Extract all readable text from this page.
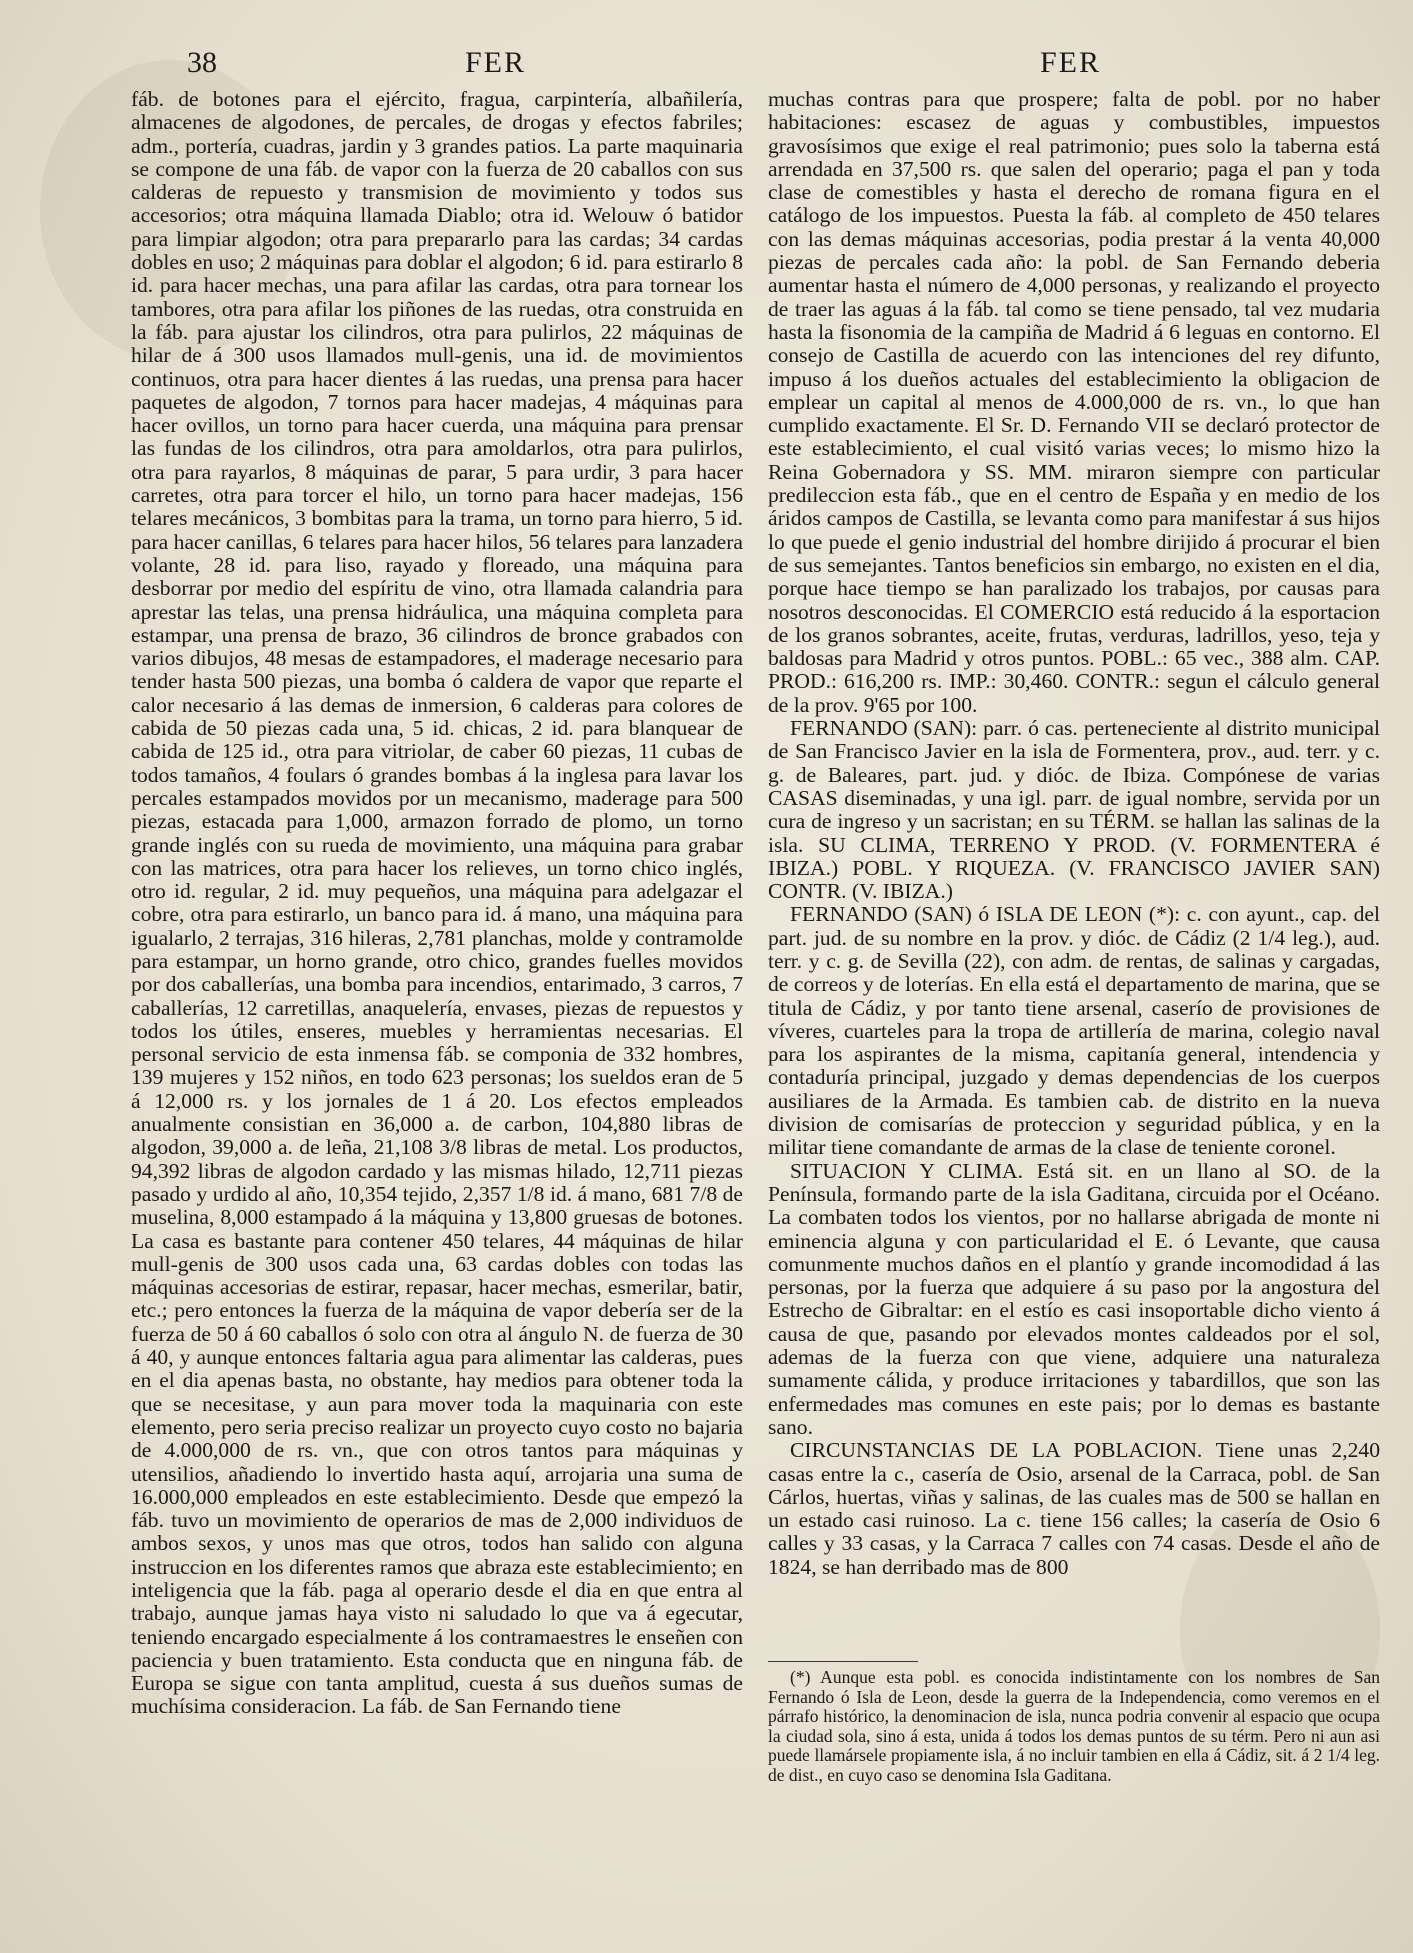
38	FER	FER

fáb. de botones para el ejército, fragua, carpintería, albañilería, almacenes de algodones, de percales, de drogas y efectos fabriles; adm., portería, cuadras, jardin y 3 grandes patios. La parte maquinaria se compone de una fáb. de vapor con la fuerza de 20 caballos con sus calderas de repuesto y transmision de movimiento y todos sus accesorios; otra máquina llamada Diablo; otra id. Welouw ó batidor para limpiar algodon; otra para prepararlo para las cardas; 34 cardas dobles en uso; 2 máquinas para doblar el algodon; 6 id. para estirarlo 8 id. para hacer mechas, una para afilar las cardas, otra para tornear los tambores, otra para afilar los piñones de las ruedas, otra construida en la fáb. para ajustar los cilindros, otra para pulirlos, 22 máquinas de hilar de á 300 usos llamados mull-genis, una id. de movimientos continuos, otra para hacer dientes á las ruedas, una prensa para hacer paquetes de algodon, 7 tornos para hacer madejas, 4 máquinas para hacer ovillos, un torno para hacer cuerda, una máquina para prensar las fundas de los cilindros, otra para amoldarlos, otra para pulirlos, otra para rayarlos, 8 máquinas de parar, 5 para urdir, 3 para hacer carretes, otra para torcer el hilo, un torno para hacer madejas, 156 telares mecánicos, 3 bombitas para la trama, un torno para hierro, 5 id. para hacer canillas, 6 telares para hacer hilos, 56 telares para lanzadera volante, 28 id. para liso, rayado y floreado, una máquina para desborrar por medio del espíritu de vino, otra llamada calandria para aprestar las telas, una prensa hidráulica, una máquina completa para estampar, una prensa de brazo, 36 cilindros de bronce grabados con varios dibujos, 48 mesas de estampadores, el maderage necesario para tender hasta 500 piezas, una bomba ó caldera de vapor que reparte el calor necesario á las demas de inmersion, 6 calderas para colores de cabida de 50 piezas cada una, 5 id. chicas, 2 id. para blanquear de cabida de 125 id., otra para vitriolar, de caber 60 piezas, 11 cubas de todos tamaños, 4 foulars ó grandes bombas á la inglesa para lavar los percales estampados movidos por un mecanismo, maderage para 500 piezas, estacada para 1,000, armazon forrado de plomo, un torno grande inglés con su rueda de movimiento, una máquina para grabar con las matrices, otra para hacer los relieves, un torno chico inglés, otro id. regular, 2 id. muy pequeños, una máquina para adelgazar el cobre, otra para estirarlo, un banco para id. á mano, una máquina para igualarlo, 2 terrajas, 316 hileras, 2,781 planchas, molde y contramolde para estampar, un horno grande, otro chico, grandes fuelles movidos por dos caballerías, una bomba para incendios, entarimado, 3 carros, 7 caballerías, 12 carretillas, anaquelería, envases, piezas de repuestos y todos los útiles, enseres, muebles y herramientas necesarias. El personal servicio de esta inmensa fáb. se componia de 332 hombres, 139 mujeres y 152 niños, en todo 623 personas; los sueldos eran de 5 á 12,000 rs. y los jornales de 1 á 20. Los efectos empleados anualmente consistian en 36,000 a. de carbon, 104,880 libras de algodon, 39,000 a. de leña, 21,108 3/8 libras de metal. Los productos, 94,392 libras de algodon cardado y las mismas hilado, 12,711 piezas pasado y urdido al año, 10,354 tejido, 2,357 1/8 id. á mano, 681 7/8 de muselina, 8,000 estampado á la máquina y 13,800 gruesas de botones. La casa es bastante para contener 450 telares, 44 máquinas de hilar mull-genis de 300 usos cada una, 63 cardas dobles con todas las máquinas accesorias de estirar, repasar, hacer mechas, esmerilar, batir, etc.; pero entonces la fuerza de la máquina de vapor debería ser de la fuerza de 50 á 60 caballos ó solo con otra al ángulo N. de fuerza de 30 á 40, y aunque entonces faltaria agua para alimentar las calderas, pues en el dia apenas basta, no obstante, hay medios para obtener toda la que se necesitase, y aun para mover toda la maquinaria con este elemento, pero seria preciso realizar un proyecto cuyo costo no bajaria de 4.000,000 de rs. vn., que con otros tantos para máquinas y utensilios, añadiendo lo invertido hasta aquí, arrojaria una suma de 16.000,000 empleados en este establecimiento. Desde que empezó la fáb. tuvo un movimiento de operarios de mas de 2,000 individuos de ambos sexos, y unos mas que otros, todos han salido con alguna instruccion en los diferentes ramos que abraza este establecimiento; en inteligencia que la fáb. paga al operario desde el dia en que entra al trabajo, aunque jamas haya visto ni saludado lo que va á egecutar, teniendo encargado especialmente á los contramaestres le enseñen con paciencia y buen tratamiento. Esta conducta que en ninguna fáb. de Europa se sigue con tanta amplitud, cuesta á sus dueños sumas de muchísima consideracion. La fáb. de San Fernando tiene

muchas contras para que prospere; falta de pobl. por no haber habitaciones: escasez de aguas y combustibles, impuestos gravosísimos que exige el real patrimonio; pues solo la taberna está arrendada en 37,500 rs. que salen del operario; paga el pan y toda clase de comestibles y hasta el derecho de romana figura en el catálogo de los impuestos. Puesta la fáb. al completo de 450 telares con las demas máquinas accesorias, podia prestar á la venta 40,000 piezas de percales cada año: la pobl. de San Fernando deberia aumentar hasta el número de 4,000 personas, y realizando el proyecto de traer las aguas á la fáb. tal como se tiene pensado, tal vez mudaria hasta la fisonomia de la campiña de Madrid á 6 leguas en contorno. El consejo de Castilla de acuerdo con las intenciones del rey difunto, impuso á los dueños actuales del establecimiento la obligacion de emplear un capital al menos de 4.000,000 de rs. vn., lo que han cumplido exactamente. El Sr. D. Fernando VII se declaró protector de este establecimiento, el cual visitó varias veces; lo mismo hizo la Reina Gobernadora y SS. MM. miraron siempre con particular predileccion esta fáb., que en el centro de España y en medio de los áridos campos de Castilla, se levanta como para manifestar á sus hijos lo que puede el genio industrial del hombre dirijido á procurar el bien de sus semejantes. Tantos beneficios sin embargo, no existen en el dia, porque hace tiempo se han paralizado los trabajos, por causas para nosotros desconocidas. El COMERCIO está reducido á la esportacion de los granos sobrantes, aceite, frutas, verduras, ladrillos, yeso, teja y baldosas para Madrid y otros puntos. POBL.: 65 vec., 388 alm. CAP. PROD.: 616,200 rs. IMP.: 30,460. CONTR.: segun el cálculo general de la prov. 9'65 por 100.

FERNANDO (SAN): parr. ó cas. perteneciente al distrito municipal de San Francisco Javier en la isla de Formentera, prov., aud. terr. y c. g. de Baleares, part. jud. y dióc. de Ibiza. Compónese de varias CASAS diseminadas, y una igl. parr. de igual nombre, servida por un cura de ingreso y un sacristan; en su TÉRM. se hallan las salinas de la isla. SU CLIMA, TERRENO Y PROD. (V. FORMENTERA é IBIZA.) POBL. Y RIQUEZA. (V. FRANCISCO JAVIER SAN) CONTR. (V. IBIZA.)

FERNANDO (SAN) ó ISLA DE LEON (*): c. con ayunt., cap. del part. jud. de su nombre en la prov. y dióc. de Cádiz (2 1/4 leg.), aud. terr. y c. g. de Sevilla (22), con adm. de rentas, de salinas y cargadas, de correos y de loterías. En ella está el departamento de marina, que se titula de Cádiz, y por tanto tiene arsenal, caserío de provisiones de víveres, cuarteles para la tropa de artillería de marina, colegio naval para los aspirantes de la misma, capitanía general, intendencia y contaduría principal, juzgado y demas dependencias de los cuerpos ausiliares de la Armada. Es tambien cab. de distrito en la nueva division de comisarías de proteccion y seguridad pública, y en la militar tiene comandante de armas de la clase de teniente coronel.

SITUACION Y CLIMA. Está sit. en un llano al SO. de la Península, formando parte de la isla Gaditana, circuida por el Océano. La combaten todos los vientos, por no hallarse abrigada de monte ni eminencia alguna y con particularidad el E. ó Levante, que causa comunmente muchos daños en el plantío y grande incomodidad á las personas, por la fuerza que adquiere á su paso por la angostura del Estrecho de Gibraltar: en el estío es casi insoportable dicho viento á causa de que, pasando por elevados montes caldeados por el sol, ademas de la fuerza con que viene, adquiere una naturaleza sumamente cálida, y produce irritaciones y tabardillos, que son las enfermedades mas comunes en este pais; por lo demas es bastante sano.

CIRCUNSTANCIAS DE LA POBLACION. Tiene unas 2,240 casas entre la c., casería de Osio, arsenal de la Carraca, pobl. de San Cárlos, huertas, viñas y salinas, de las cuales mas de 500 se hallan en un estado casi ruinoso. La c. tiene 156 calles; la casería de Osio 6 calles y 33 casas, y la Carraca 7 calles con 74 casas. Desde el año de 1824, se han derribado mas de 800

(*) Aunque esta pobl. es conocida indistintamente con los nombres de San Fernando ó Isla de Leon, desde la guerra de la Independencia, como veremos en el párrafo histórico, la denominacion de isla, nunca podria convenir al espacio que ocupa la ciudad sola, sino á esta, unida á todos los demas puntos de su térm. Pero ni aun asi puede llamársele propiamente isla, á no incluir tambien en ella á Cádiz, sit. á 2 1/4 leg. de dist., en cuyo caso se denomina Isla Gaditana.
